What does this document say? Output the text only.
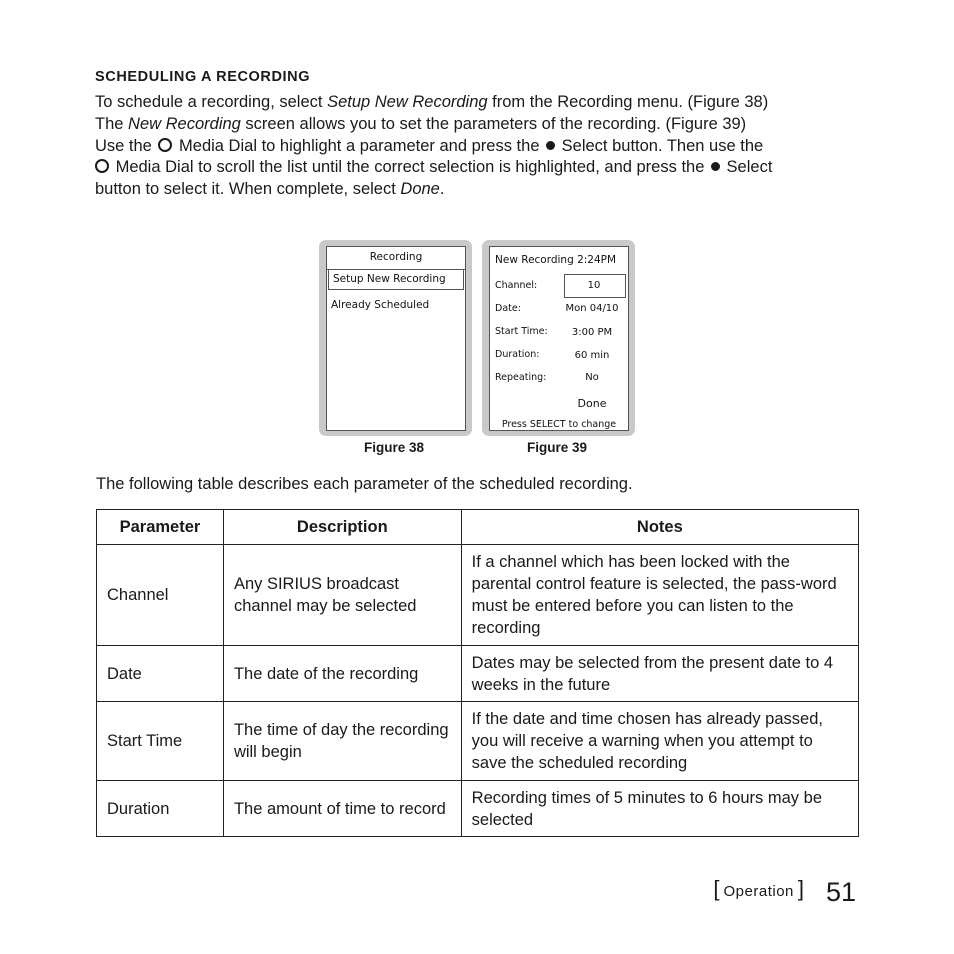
SCHEDULING A RECORDING
To schedule a recording, select Setup New Recording from the Recording menu. (Figure 38)
The New Recording screen allows you to set the parameters of the recording. (Figure 39)
Use the  Media Dial to highlight a parameter and press the  Select button. Then use the
Media Dial to scroll the list until the correct selection is highlighted, and press the  Select
button to select it. When complete, select Done.
Recording
Setup New Recording
Already Scheduled
Figure 38
New Recording 2:24PM
Channel:	10
Date:	Mon 04/10
Start Time:	3:00 PM
Duration:	60 min
Repeating:	No
Done
Press SELECT to change
Figure 39
The following table describes each parameter of the scheduled recording.
Parameter	Description	Notes
Channel	Any SIRIUS broadcast channel may be selected	If a channel which has been locked with the parental control feature is selected, the pass-word must be entered before you can listen to the recording
Date	The date of the recording	Dates may be selected from the present date to 4 weeks in the future
Start Time	The time of day the recording will begin	If the date and time chosen has already passed, you will receive a warning when you attempt to save the scheduled recording
Duration	The amount of time to record	Recording times of 5 minutes to 6 hours may be selected
[ Operation ] 51
